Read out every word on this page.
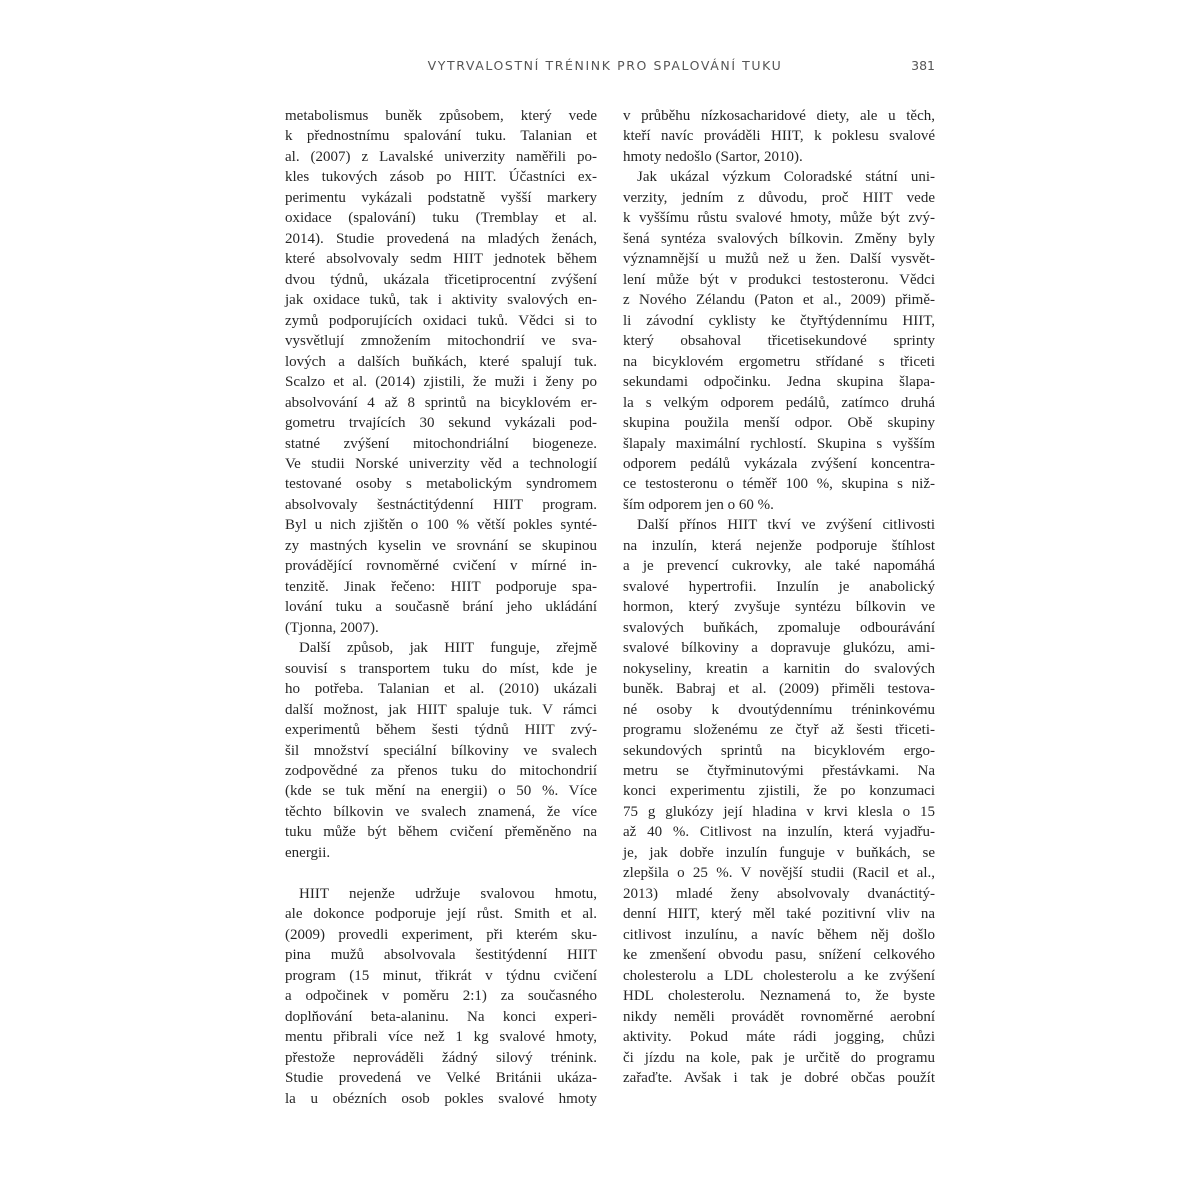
VYTRVALOSTNÍ TRÉNINK PRO SPALOVÁNÍ TUKU	381
metabolismus buněk způsobem, který vede
k přednostnímu spalování tuku. Talanian et
al. (2007) z Lavalské univerzity naměřili po-
kles tukových zásob po HIIT. Účastníci ex-
perimentu vykázali podstatně vyšší markery
oxidace (spalování) tuku (Tremblay et al.
2014). Studie provedená na mladých ženách,
které absolvovaly sedm HIIT jednotek během
dvou týdnů, ukázala třicetiprocentní zvýšení
jak oxidace tuků, tak i aktivity svalových en-
zymů podporujících oxidaci tuků. Vědci si to
vysvětlují zmnožením mitochondrií ve sva-
lových a dalších buňkách, které spalují tuk.
Scalzo et al. (2014) zjistili, že muži i ženy po
absolvování 4 až 8 sprintů na bicyklovém er-
gometru trvajících 30 sekund vykázali pod-
statné zvýšení mitochondriální biogeneze.
Ve studii Norské univerzity věd a technologií
testované osoby s metabolickým syndromem
absolvovaly šestnáctitýdenní HIIT program.
Byl u nich zjištěn o 100 % větší pokles synté-
zy mastných kyselin ve srovnání se skupinou
provádějící rovnoměrné cvičení v mírné in-
tenzitě. Jinak řečeno: HIIT podporuje spa-
lování tuku a současně brání jeho ukládání
(Tjonna, 2007).
Další způsob, jak HIIT funguje, zřejmě
souvisí s transportem tuku do míst, kde je
ho potřeba. Talanian et al. (2010) ukázali
další možnost, jak HIIT spaluje tuk. V rámci
experimentů během šesti týdnů HIIT zvý-
šil množství speciální bílkoviny ve svalech
zodpovědné za přenos tuku do mitochondrií
(kde se tuk mění na energii) o 50 %. Více
těchto bílkovin ve svalech znamená, že více
tuku může být během cvičení přeměněno na
energii.
HIIT nejenže udržuje svalovou hmotu,
ale dokonce podporuje její růst. Smith et al.
(2009) provedli experiment, při kterém sku-
pina mužů absolvovala šestitýdenní HIIT
program (15 minut, třikrát v týdnu cvičení
a odpočinek v poměru 2:1) za současného
doplňování beta-alaninu. Na konci experi-
mentu přibrali více než 1 kg svalové hmoty,
přestože neprováděli žádný silový trénink.
Studie provedená ve Velké Británii ukáza-
la u obézních osob pokles svalové hmoty
v průběhu nízkosacharidové diety, ale u těch,
kteří navíc prováděli HIIT, k poklesu svalové
hmoty nedošlo (Sartor, 2010).
Jak ukázal výzkum Coloradské státní uni-
verzity, jedním z důvodu, proč HIIT vede
k vyššímu růstu svalové hmoty, může být zvý-
šená syntéza svalových bílkovin. Změny byly
významnější u mužů než u žen. Další vysvět-
lení může být v produkci testosteronu. Vědci
z Nového Zélandu (Paton et al., 2009) přimě-
li závodní cyklisty ke čtyřtýdennímu HIIT,
který obsahoval třicetisekundové sprinty
na bicyklovém ergometru střídané s třiceti
sekundami odpočinku. Jedna skupina šlapa-
la s velkým odporem pedálů, zatímco druhá
skupina použila menší odpor. Obě skupiny
šlapaly maximální rychlostí. Skupina s vyšším
odporem pedálů vykázala zvýšení koncentra-
ce testosteronu o téměř 100 %, skupina s niž-
ším odporem jen o 60 %.
Další přínos HIIT tkví ve zvýšení citlivosti
na inzulín, která nejenže podporuje štíhlost
a je prevencí cukrovky, ale také napomáhá
svalové hypertrofii. Inzulín je anabolický
hormon, který zvyšuje syntézu bílkovin ve
svalových buňkách, zpomaluje odbourávání
svalové bílkoviny a dopravuje glukózu, ami-
nokyseliny, kreatin a karnitin do svalových
buněk. Babraj et al. (2009) přiměli testova-
né osoby k dvoutýdennímu tréninkovému
programu složenému ze čtyř až šesti třiceti-
sekundových sprintů na bicyklovém ergo-
metru se čtyřminutovými přestávkami. Na
konci experimentu zjistili, že po konzumaci
75 g glukózy její hladina v krvi klesla o 15
až 40 %. Citlivost na inzulín, která vyjadřu-
je, jak dobře inzulín funguje v buňkách, se
zlepšila o 25 %. V novější studii (Racil et al.,
2013) mladé ženy absolvovaly dvanáctitý-
denní HIIT, který měl také pozitivní vliv na
citlivost inzulínu, a navíc během něj došlo
ke zmenšení obvodu pasu, snížení celkového
cholesterolu a LDL cholesterolu a ke zvýšení
HDL cholesterolu. Neznamená to, že byste
nikdy neměli provádět rovnoměrné aerobní
aktivity. Pokud máte rádi jogging, chůzi
či jízdu na kole, pak je určitě do programu
zařaďte. Avšak i tak je dobré občas použít
